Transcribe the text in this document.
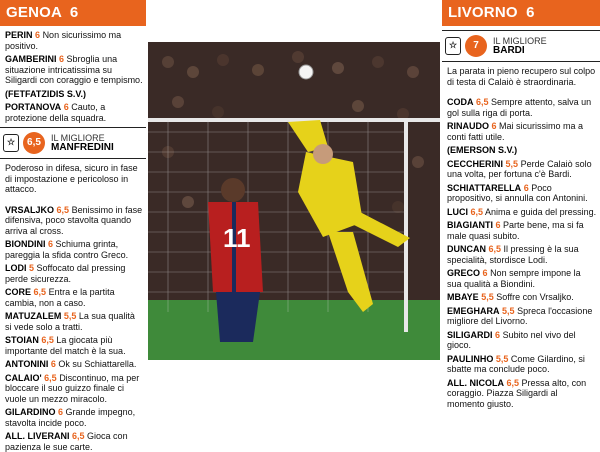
GENOA 6
PERIN 6 Non sicurissimo ma positivo.
GAMBERINI 6 Sbroglia una situazione intricatissima su Siligardi con coraggio e tempismo.
(FETFATZIDIS S.V.)
PORTANOVA 6 Cauto, a protezione della squadra.
☆	6,5	IL MIGLIORE
MANFREDINI
Poderoso in difesa, sicuro in fase di impostazione e pericoloso in attacco.
VRSALJKO 6,5 Benissimo in fase difensiva, poco stavolta quando arriva al cross.
BIONDINI 6 Schiuma grinta, pareggia la sfida contro Greco.
LODI 5 Soffocato dal pressing perde sicurezza.
CORE 6,5 Entra e la partita cambia, non a caso.
MATUZALEM 5,5 La sua qualità si vede solo a tratti.
STOIAN 6,5 La giocata più importante del match è la sua.
ANTONINI 6 Ok su Schiattarella.
CALAIO' 6,5 Discontinuo, ma per bloccare il suo guizzo finale ci vuole un mezzo miracolo.
GILARDINO 6 Grande impegno, stavolta incide poco.
ALL. LIVERANI 6,5 Gioca con pazienza le sue carte.
11
LIVORNO 6
☆	7	IL MIGLIORE
BARDI
La parata in pieno recupero sul colpo di testa di Calaiò è straordinaria.
CODA 6,5 Sempre attento, salva un gol sulla riga di porta.
RINAUDO 6 Mai sicurissimo ma a conti fatti utile.
(EMERSON S.V.)
CECCHERINI 5,5 Perde Calaiò solo una volta, per fortuna c'è Bardi.
SCHIATTARELLA 6 Poco propositivo, si annulla con Antonini.
LUCI 6,5 Anima e guida del pressing.
BIAGIANTI 6 Parte bene, ma si fa male quasi subito.
DUNCAN 6,5 Il pressing è la sua specialità, stordisce Lodi.
GRECO 6 Non sempre impone la sua qualità a Biondini.
MBAYE 5,5 Soffre con Vrsaljko.
EMEGHARA 5,5 Spreca l'occasione migliore del Livorno.
SILIGARDI 6 Subito nel vivo del gioco.
PAULINHO 5,5 Come Gilardino, si sbatte ma conclude poco.
ALL. NICOLA 6,5 Pressa alto, con coraggio. Piazza Siligardi al momento giusto.
